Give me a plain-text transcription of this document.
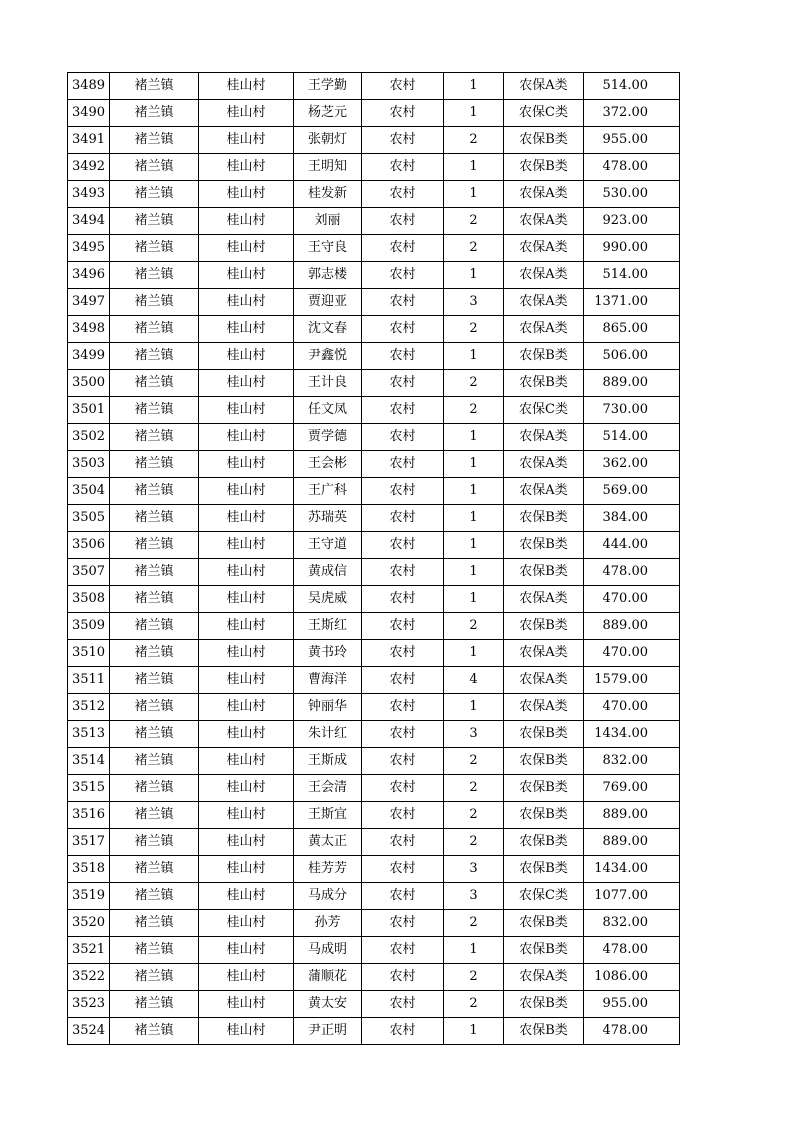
3489	褚兰镇	桂山村	王学勤	农村	1	农保A类	514.00
3490	褚兰镇	桂山村	杨芝元	农村	1	农保C类	372.00
3491	褚兰镇	桂山村	张朝灯	农村	2	农保B类	955.00
3492	褚兰镇	桂山村	王明知	农村	1	农保B类	478.00
3493	褚兰镇	桂山村	桂发新	农村	1	农保A类	530.00
3494	褚兰镇	桂山村	刘丽	农村	2	农保A类	923.00
3495	褚兰镇	桂山村	王守良	农村	2	农保A类	990.00
3496	褚兰镇	桂山村	郭志楼	农村	1	农保A类	514.00
3497	褚兰镇	桂山村	贾迎亚	农村	3	农保A类	1371.00
3498	褚兰镇	桂山村	沈文春	农村	2	农保A类	865.00
3499	褚兰镇	桂山村	尹鑫悦	农村	1	农保B类	506.00
3500	褚兰镇	桂山村	王计良	农村	2	农保B类	889.00
3501	褚兰镇	桂山村	任文凤	农村	2	农保C类	730.00
3502	褚兰镇	桂山村	贾学德	农村	1	农保A类	514.00
3503	褚兰镇	桂山村	王会彬	农村	1	农保A类	362.00
3504	褚兰镇	桂山村	王广科	农村	1	农保A类	569.00
3505	褚兰镇	桂山村	苏瑞英	农村	1	农保B类	384.00
3506	褚兰镇	桂山村	王守道	农村	1	农保B类	444.00
3507	褚兰镇	桂山村	黄成信	农村	1	农保B类	478.00
3508	褚兰镇	桂山村	吴虎威	农村	1	农保A类	470.00
3509	褚兰镇	桂山村	王斯红	农村	2	农保B类	889.00
3510	褚兰镇	桂山村	黄书玲	农村	1	农保A类	470.00
3511	褚兰镇	桂山村	曹海洋	农村	4	农保A类	1579.00
3512	褚兰镇	桂山村	钟丽华	农村	1	农保A类	470.00
3513	褚兰镇	桂山村	朱计红	农村	3	农保B类	1434.00
3514	褚兰镇	桂山村	王斯成	农村	2	农保B类	832.00
3515	褚兰镇	桂山村	王会清	农村	2	农保B类	769.00
3516	褚兰镇	桂山村	王斯宜	农村	2	农保B类	889.00
3517	褚兰镇	桂山村	黄太正	农村	2	农保B类	889.00
3518	褚兰镇	桂山村	桂芳芳	农村	3	农保B类	1434.00
3519	褚兰镇	桂山村	马成分	农村	3	农保C类	1077.00
3520	褚兰镇	桂山村	孙芳	农村	2	农保B类	832.00
3521	褚兰镇	桂山村	马成明	农村	1	农保B类	478.00
3522	褚兰镇	桂山村	蒲顺花	农村	2	农保A类	1086.00
3523	褚兰镇	桂山村	黄太安	农村	2	农保B类	955.00
3524	褚兰镇	桂山村	尹正明	农村	1	农保B类	478.00
